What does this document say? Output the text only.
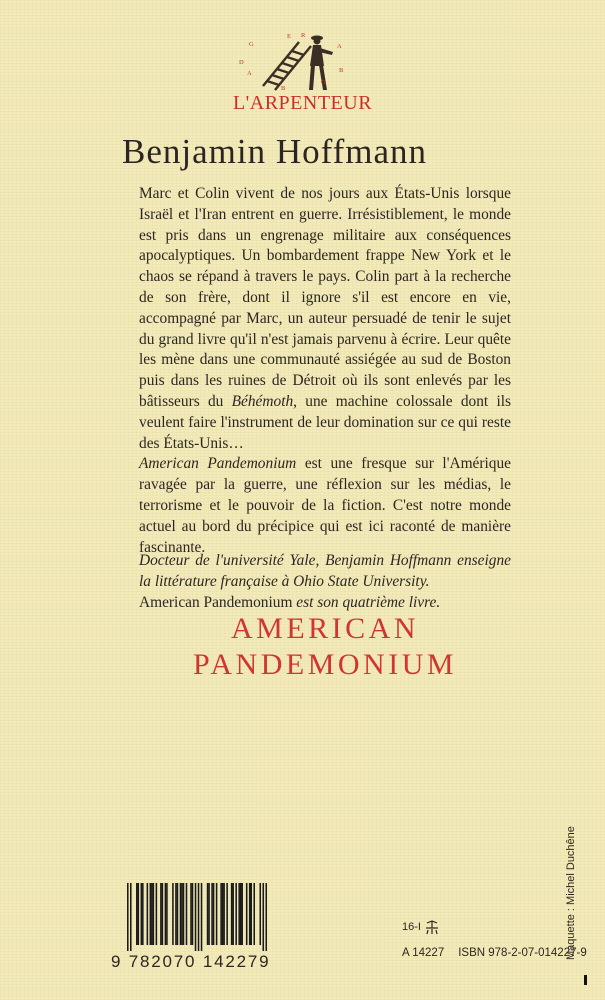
G
E R
A
B
D
A
B
G
L'ARPENTEUR
Benjamin Hoffmann

Marc et Colin vivent de nos jours aux États-Unis lorsque Israël et l'Iran entrent en guerre. Irrésistiblement, le monde est pris dans un engrenage militaire aux conséquences apocalyptiques. Un bombardement frappe New York et le chaos se répand à travers le pays. Colin part à la recherche de son frère, dont il ignore s'il est encore en vie, accompagné par Marc, un auteur persuadé de tenir le sujet du grand livre qu'il n'est jamais parvenu à écrire. Leur quête les mène dans une communauté assiégée au sud de Boston puis dans les ruines de Détroit où ils sont enlevés par les bâtisseurs du Béhémoth, une machine colossale dont ils veulent faire l'instrument de leur domination sur ce qui reste des États-Unis…
American Pandemonium est une fresque sur l'Amérique ravagée par la guerre, une réflexion sur les médias, le terrorisme et le pouvoir de la fiction. C'est notre monde actuel au bord du précipice qui est ici raconté de manière fascinante.

Docteur de l'université Yale, Benjamin Hoffmann enseigne la littérature française à Ohio State University.
American Pandemonium est son quatrième livre.

AMERICAN
PANDEMONIUM
Maquette : Michel Duchêne
9 782070 142279
16-I
A 14227 ISBN 978-2-07-014227-9
